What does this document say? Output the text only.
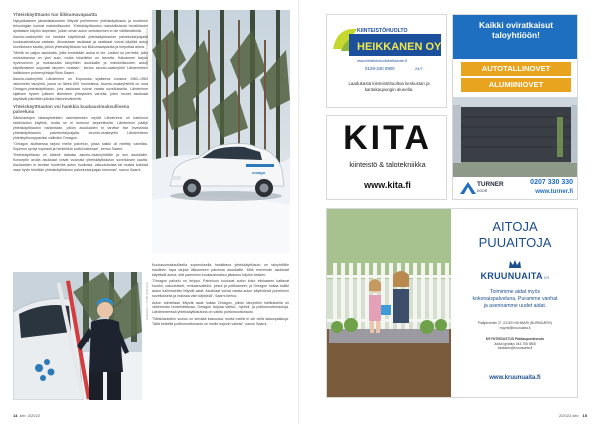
Yhteiskäyttöauto tuo liikkumavapautta

Nykyaikaiseen jakamistalouteen liittyvät perinteinen yhteiskäyttöauto ja modernin teknologian luomat mahdollisuudet. Yhteiskäyttöauton mahdollistavat henkilöautot ajoittaisen käytön tarpeisiin, jolloin oman auton omistaminen ei ole välttämätöntä.

Asunto-osakeyhtiö voi hankkia käyttöönsä yhteiskäyttöauton palveluntarjoajalta kuukausimaksua vastaan. Ainoastaan asukkaat ja osakkaat voivat käyttää autoa sovelluksen kautta, jolloin yhteiskäyttöauto tuo liikkumavapautta ja helpottaa arkea.

"Meillä on paljon asukkaita, joilla ennestään autoa ei ole. Lisäksi on perheitä, joilla omistuksessa on yksi auto, mutta toisellekin on tarvetta. Haluamme tarjota hyvinvoinnin ja mukavuutta taloyhtiön asukkaille ja mahdollisuuden auton käyttämiseen sujuvasti tarpeen mukaan", kertoo asunto-osakeyhtiö Lähderinteen hallituksen puheenjohtaja Risto Saarni.

Asunto-osakeyhtiö Lähderinne on Espoossa sijaitseva vuosina 1962–1963 rakennettu taloyhtiö, jossa on lähes 600 huoneistoa. Asunto-osakeyhtiöllä on oma Omagon-yhteiskäyttöauto, jota asukkaat voivat varata sovelluksella. Lähderinne sijaitsee hyvien julkisen liikenteen yhteyksien varrella, joten monet asukkaat käyttävät päivittäin julkisia liikennevälineitä.

Yhteiskäyttöauton voi hankkia kuukausimaksullisena palveluna

Sähköautojen latauspisteiden rakentamisen myötä Lähderinne oli harkinnut sähköauton käyttöä, mutta se ei tuntunut tarpeelliselta. Lähderinne päätyi yhteiskäyttöauton hankintaan, jolloin asukkaiden ei tarvitse itse investoida yhteiskäyttöauton palveluntarjoajalta. Asunto-osakeyhtiö Lähderinteen yhteistyökumppaniksi valikoitui Omagon.

"Omagon aloittaessa tarjosi meille palvelun, jossa kaikki oli mietitty valmiiksi. Sopimus syntyi nopeasti ja henkilöstö auttoi kaikessa", kertoo Saarni.

Yhteiskäyttöauto on kätevä ratkaisu asunto-osakeyhtiöille ja sen asukkaille. Konseptin avulla asukkaat voivat vuokrata yhteiskäyttöauton sovelluksen kautta. Asukkaiden ei tarvitse huolehtia auton huollosta, vakuutuksista tai muista kuluista vaan hyvin tehdään yhteiskäyttöauton palveluntarjoajan toimesta", sanoo Saarni.	omago
OMAGON / TOMI PUROLA
OMAGON / TOMI PUROLA

Kuukausimaksullisella sopimuksella hankittava yhteiskäyttöauto on taloyhtiöille edullinen tapa tarjota liikkumisen palvelua asukkaille. Mitä enemmän asukkaat käyttävät autoa, sitä paremmin kuukausimaksu jakautuu käytön kesken.

"Omagon palvelu on helppo. Palveluun kuuluvat auton koko elinkaaren kattavat huollot, vakuutukset, renkaanvaihdot, pesut ja polttoaineet, ja Omagon hoitaa kaikki auton hallinnointiin liittyvät asiat. Asukkaat voivat varata auton käyttöönsä puhelimen sovelluksella ja maksaa vain käytöstä", Saarni kertoo.

Auton toimintaan liittyvät asiat hoitaa Omagon, jolloin taloyhtiön hallituksella on vähemmän huolehdittavaa. Omagon tarjoaa sähkö-, hybridi- ja polttomoottoriautoja. Lähderinteessä yhteiskäyttöautona on valittu polttomoottoriauto.

"Sähköautoihin suosio on selvästi kasvussa, mutta meillä ei ole vielä latauspaikkoja. Tällä hetkellä polttomoottoriauto on meille sopivin valinta", sanoo Saarni.

14 kito 2/2022
KIINTEISTÖHUOLTO
HEIKKANEN OY
www.kiinteistohuoltoheikkanen.fi
0129-340 0900	24/7
Laadukasta kiinteistöhuoltoa keskustan ja kantakaupungin alueella.
KITA
kiinteistö & talotekniikka
www.kita.fi
Kaikki oviratkaisut taloyhtiöön!
AUTOTALLINOVET
ALUMIINIOVET
TURNER
DOOR
0207 330 330
www.turner.fi
AITOJA
PUUAITOJA
KRUUNUAITAOY
Toimimme aidat myös
kokonaispalveluna. Puramme vanhat
ja asennamme uudet aidat.
Paläjärventie 27, 03150 HUHMARI (NURMIJÄRVI)
myynti@kruunuaita.fi
MYYNTIEDUSTUS Pääkaupunkiseutu
Jukka Ignatius 044-755 5800
toiskanto@kruunuaita.fi
www.kruunuaita.fi
2/2022 kito 15
